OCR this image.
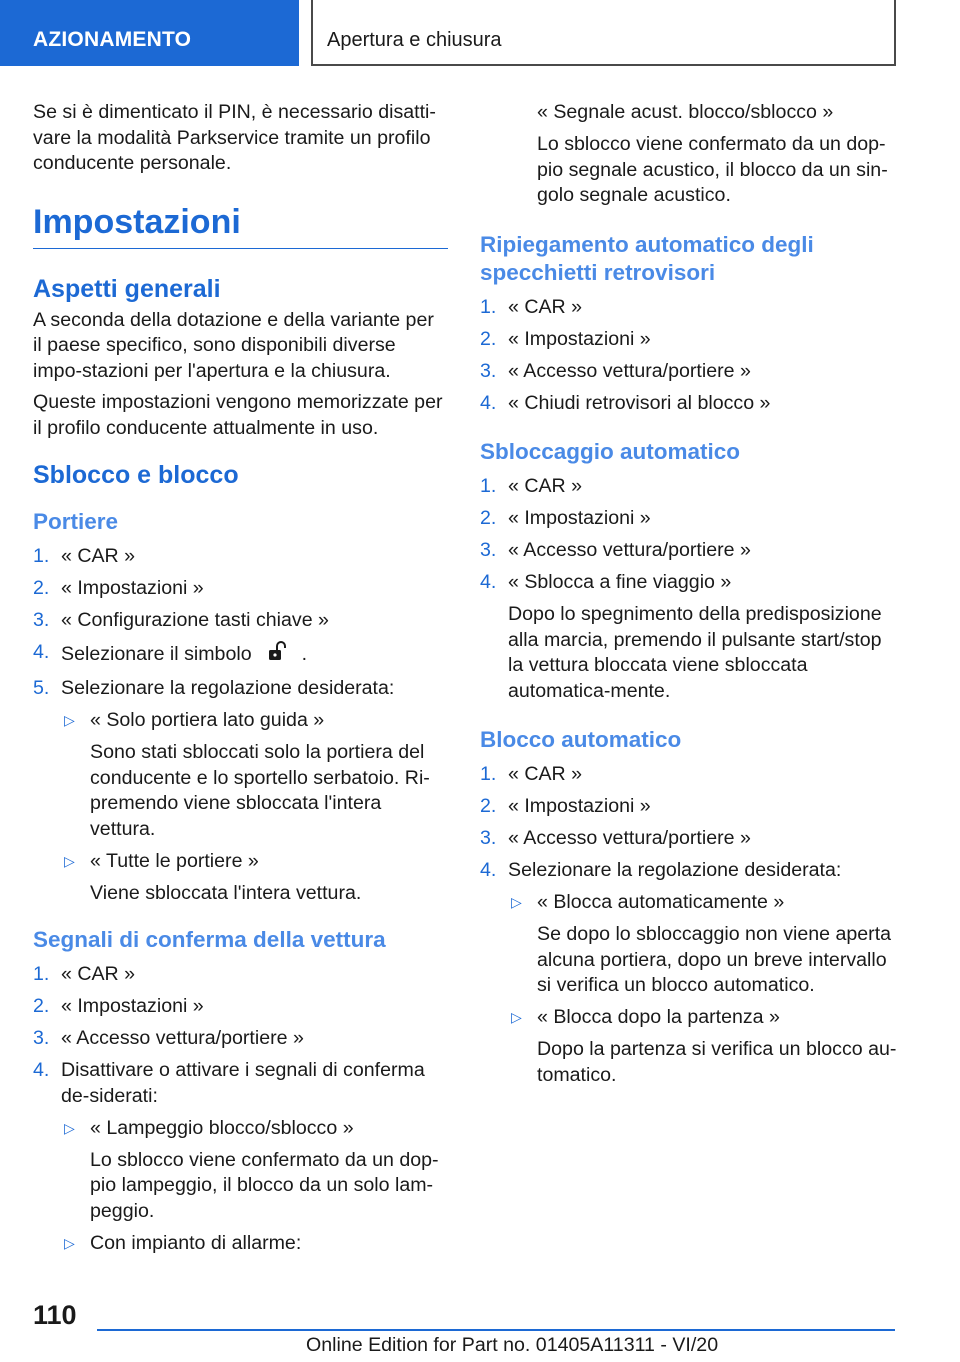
AZIONAMENTO	Apertura e chiusura

Se si è dimenticato il PIN, è necessario disatti-vare la modalità Parkservice tramite un profilo conducente personale.

Impostazioni
Aspetti generali

A seconda della dotazione e della variante per il paese specifico, sono disponibili diverse impo-stazioni per l'apertura e la chiusura.

Queste impostazioni vengono memorizzate per il profilo conducente attualmente in uso.

Sblocco e blocco
Portiere
1. « CAR »
2. « Impostazioni »
3. « Configurazione tasti chiave »
4. Selezionare il simbolo	.
5. Selezionare la regolazione desiderata:
▷ « Solo portiera lato guida »
Sono stati sbloccati solo la portiera del conducente e lo sportello serbatoio. Ri-premendo viene sbloccata l'intera vettura.
▷ « Tutte le portiere »
Viene sbloccata l'intera vettura.
Segnali di conferma della vettura
1. « CAR »
2. « Impostazioni »
3. « Accesso vettura/portiere »
4. Disattivare o attivare i segnali di conferma de-siderati:
▷ « Lampeggio blocco/sblocco »
Lo sblocco viene confermato da un dop-pio lampeggio, il blocco da un solo lam-peggio.
▷ Con impianto di allarme:
« Segnale acust. blocco/sblocco »
Lo sblocco viene confermato da un dop-pio segnale acustico, il blocco da un sin-golo segnale acustico.
Ripiegamento automatico degli specchietti retrovisori
1. « CAR »
2. « Impostazioni »
3. « Accesso vettura/portiere »
4. « Chiudi retrovisori al blocco »
Sbloccaggio automatico
1. « CAR »
2. « Impostazioni »
3. « Accesso vettura/portiere »
4. « Sblocca a fine viaggio »
Dopo lo spegnimento della predisposizione alla marcia, premendo il pulsante start/stop la vettura bloccata viene sbloccata automatica-mente.
Blocco automatico
1. « CAR »
2. « Impostazioni »
3. « Accesso vettura/portiere »
4. Selezionare la regolazione desiderata:
▷ « Blocca automaticamente »
Se dopo lo sbloccaggio non viene aperta alcuna portiera, dopo un breve intervallo si verifica un blocco automatico.
▷ « Blocca dopo la partenza »
Dopo la partenza si verifica un blocco au-tomatico.
110
Online Edition for Part no. 01405A11311 - VI/20
